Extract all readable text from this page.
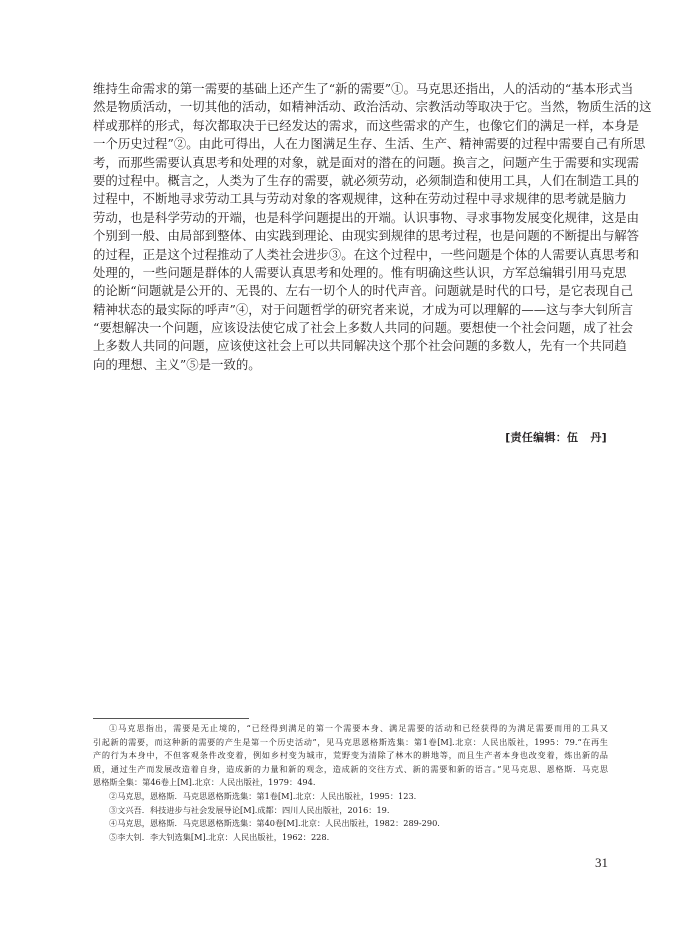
维持生命需求的第一需要的基础上还产生了“新的需要”①。马克思还指出，人的活动的“基本形式当
然是物质活动，一切其他的活动，如精神活动、政治活动、宗教活动等取决于它。当然，物质生活的这
样或那样的形式，每次都取决于已经发达的需求，而这些需求的产生，也像它们的满足一样，本身是
一个历史过程”②。由此可得出，人在力图满足生存、生活、生产、精神需要的过程中需要自己有所思
考，而那些需要认真思考和处理的对象，就是面对的潜在的问题。换言之，问题产生于需要和实现需
要的过程中。概言之，人类为了生存的需要，就必须劳动，必须制造和使用工具，人们在制造工具的
过程中，不断地寻求劳动工具与劳动对象的客观规律，这种在劳动过程中寻求规律的思考就是脑力
劳动，也是科学劳动的开端，也是科学问题提出的开端。认识事物、寻求事物发展变化规律，这是由
个别到一般、由局部到整体、由实践到理论、由现实到规律的思考过程，也是问题的不断提出与解答
的过程，正是这个过程推动了人类社会进步③。在这个过程中，一些问题是个体的人需要认真思考和
处理的，一些问题是群体的人需要认真思考和处理的。惟有明确这些认识，方军总编辑引用马克思
的论断“问题就是公开的、无畏的、左右一切个人的时代声音。问题就是时代的口号，是它表现自己
精神状态的最实际的呼声”④，对于问题哲学的研究者来说，才成为可以理解的——这与李大钊所言
“要想解决一个问题，应该设法使它成了社会上多数人共同的问题。要想使一个社会问题，成了社会
上多数人共同的问题，应该使这社会上可以共同解决这个那个社会问题的多数人，先有一个共同趋
向的理想、主义”⑤是一致的。
[责任编辑：伍 丹]
①马克思指出，需要是无止境的，“已经得到满足的第一个需要本身、满足需要的活动和已经获得的为满足需要而用的工具又
引起新的需要，而这种新的需要的产生是第一个历史活动”，见马克思恩格斯选集：第1卷[M].北京：人民出版社，1995：79.“在再生
产的行为本身中，不但客观条件改变着，例如乡村变为城市，荒野变为清除了林木的耕地等，而且生产者本身也改变着，炼出新的品
质，通过生产而发展改造着自身，造成新的力量和新的观念，造成新的交往方式、新的需要和新的语言。”见马克思、恩格斯．马克思
恩格斯全集：第46卷上[M].北京：人民出版社，1979：494.
②马克思，恩格斯．马克思恩格斯选集：第1卷[M].北京：人民出版社，1995：123.
③文兴吾．科技进步与社会发展导论[M].成都：四川人民出版社，2016：19.
④马克思，恩格斯．马克思恩格斯选集：第40卷[M].北京：人民出版社，1982：289-290.
⑤李大钊．李大钊选集[M].北京：人民出版社，1962：228.
31
